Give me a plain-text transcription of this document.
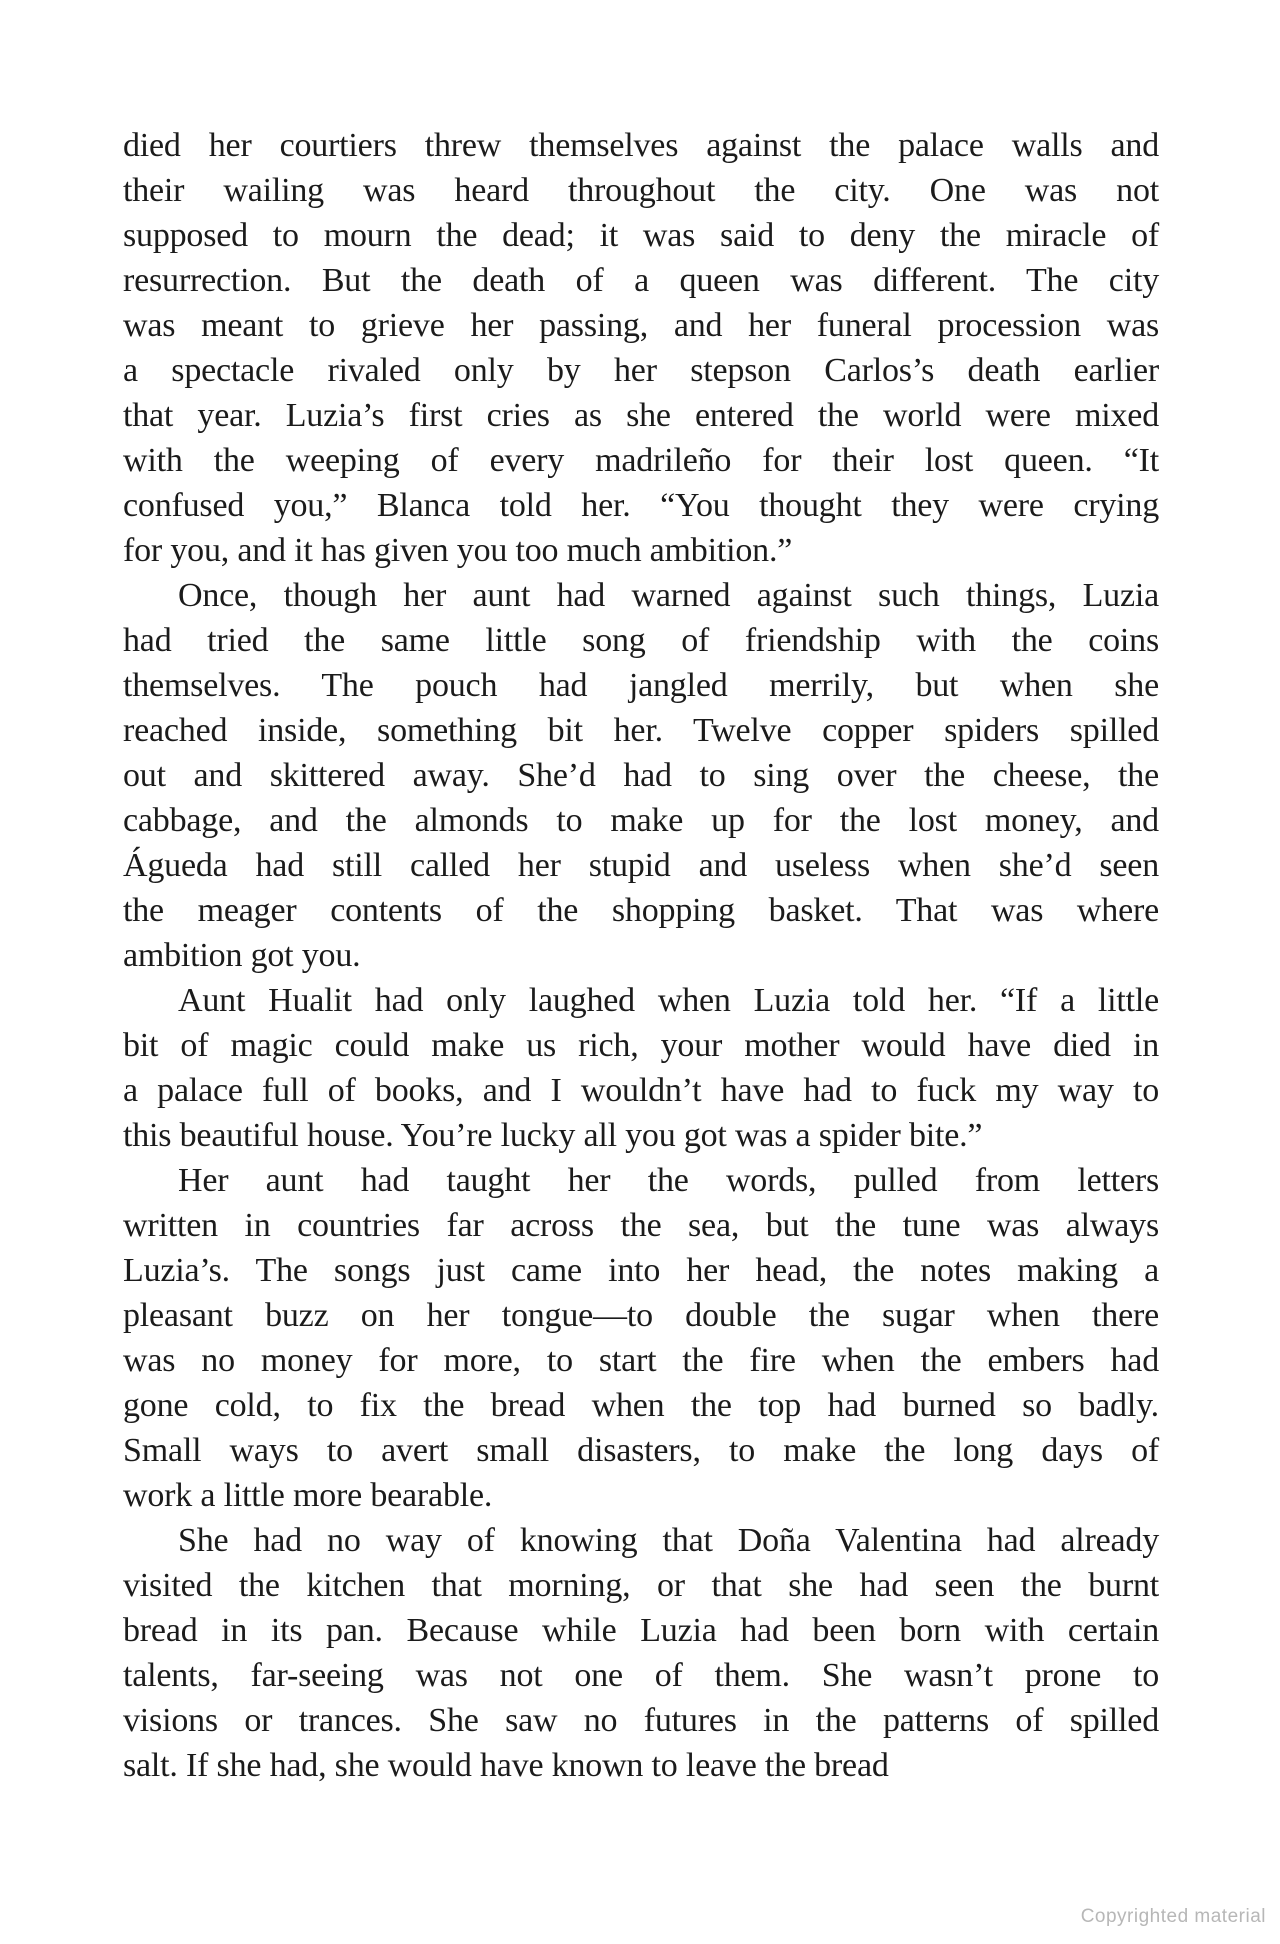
died her courtiers threw themselves against the palace walls and
their wailing was heard throughout the city. One was not
supposed to mourn the dead; it was said to deny the miracle of
resurrection. But the death of a queen was different. The city
was meant to grieve her passing, and her funeral procession was
a spectacle rivaled only by her stepson Carlos’s death earlier
that year. Luzia’s first cries as she entered the world were mixed
with the weeping of every madrileño for their lost queen. “It
confused you,” Blanca told her. “You thought they were crying
for you, and it has given you too much ambition.”
Once, though her aunt had warned against such things, Luzia
had tried the same little song of friendship with the coins
themselves. The pouch had jangled merrily, but when she
reached inside, something bit her. Twelve copper spiders spilled
out and skittered away. She’d had to sing over the cheese, the
cabbage, and the almonds to make up for the lost money, and
Águeda had still called her stupid and useless when she’d seen
the meager contents of the shopping basket. That was where
ambition got you.
Aunt Hualit had only laughed when Luzia told her. “If a little
bit of magic could make us rich, your mother would have died in
a palace full of books, and I wouldn’t have had to fuck my way to
this beautiful house. You’re lucky all you got was a spider bite.”
Her aunt had taught her the words, pulled from letters
written in countries far across the sea, but the tune was always
Luzia’s. The songs just came into her head, the notes making a
pleasant buzz on her tongue—to double the sugar when there
was no money for more, to start the fire when the embers had
gone cold, to fix the bread when the top had burned so badly.
Small ways to avert small disasters, to make the long days of
work a little more bearable.
She had no way of knowing that Doña Valentina had already
visited the kitchen that morning, or that she had seen the burnt
bread in its pan. Because while Luzia had been born with certain
talents, far-seeing was not one of them. She wasn’t prone to
visions or trances. She saw no futures in the patterns of spilled
salt. If she had, she would have known to leave the bread
Copyrighted material
